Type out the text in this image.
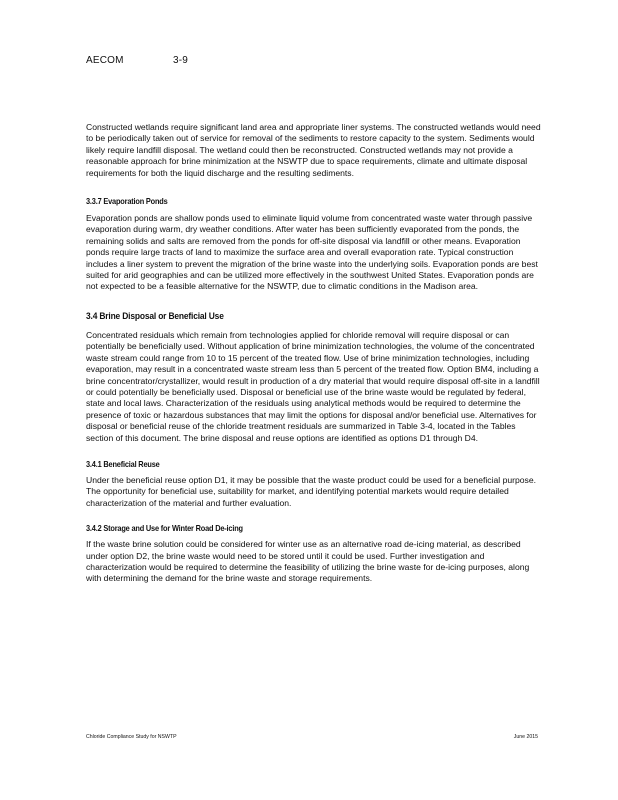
AECOM	3-9

Constructed wetlands require significant land area and appropriate liner systems. The constructed wetlands would need to be periodically taken out of service for removal of the sediments to restore capacity to the system. Sediments would likely require landfill disposal. The wetland could then be reconstructed. Constructed wetlands may not provide a reasonable approach for brine minimization at the NSWTP due to space requirements, climate and ultimate disposal requirements for both the liquid discharge and the resulting sediments.

3.3.7 Evaporation Ponds

Evaporation ponds are shallow ponds used to eliminate liquid volume from concentrated waste water through passive evaporation during warm, dry weather conditions. After water has been sufficiently evaporated from the ponds, the remaining solids and salts are removed from the ponds for off-site disposal via landfill or other means. Evaporation ponds require large tracts of land to maximize the surface area and overall evaporation rate. Typical construction includes a liner system to prevent the migration of the brine waste into the underlying soils. Evaporation ponds are best suited for arid geographies and can be utilized more effectively in the southwest United States. Evaporation ponds are not expected to be a feasible alternative for the NSWTP, due to climatic conditions in the Madison area.

3.4 Brine Disposal or Beneficial Use

Concentrated residuals which remain from technologies applied for chloride removal will require disposal or can potentially be beneficially used. Without application of brine minimization technologies, the volume of the concentrated waste stream could range from 10 to 15 percent of the treated flow. Use of brine minimization technologies, including evaporation, may result in a concentrated waste stream less than 5 percent of the treated flow. Option BM4, including a brine concentrator/crystallizer, would result in production of a dry material that would require disposal off-site in a landfill or could potentially be beneficially used. Disposal or beneficial use of the brine waste would be regulated by federal, state and local laws. Characterization of the residuals using analytical methods would be required to determine the presence of toxic or hazardous substances that may limit the options for disposal and/or beneficial use. Alternatives for disposal or beneficial reuse of the chloride treatment residuals are summarized in Table 3-4, located in the Tables section of this document. The brine disposal and reuse options are identified as options D1 through D4.

3.4.1 Beneficial Reuse

Under the beneficial reuse option D1, it may be possible that the waste product could be used for a beneficial purpose. The opportunity for beneficial use, suitability for market, and identifying potential markets would require detailed characterization of the material and further evaluation.

3.4.2 Storage and Use for Winter Road De-icing

If the waste brine solution could be considered for winter use as an alternative road de-icing material, as described under option D2, the brine waste would need to be stored until it could be used. Further investigation and characterization would be required to determine the feasibility of utilizing the brine waste for de-icing purposes, along with determining the demand for the brine waste and storage requirements.

Chloride Compliance Study for NSWTP	June 2015
